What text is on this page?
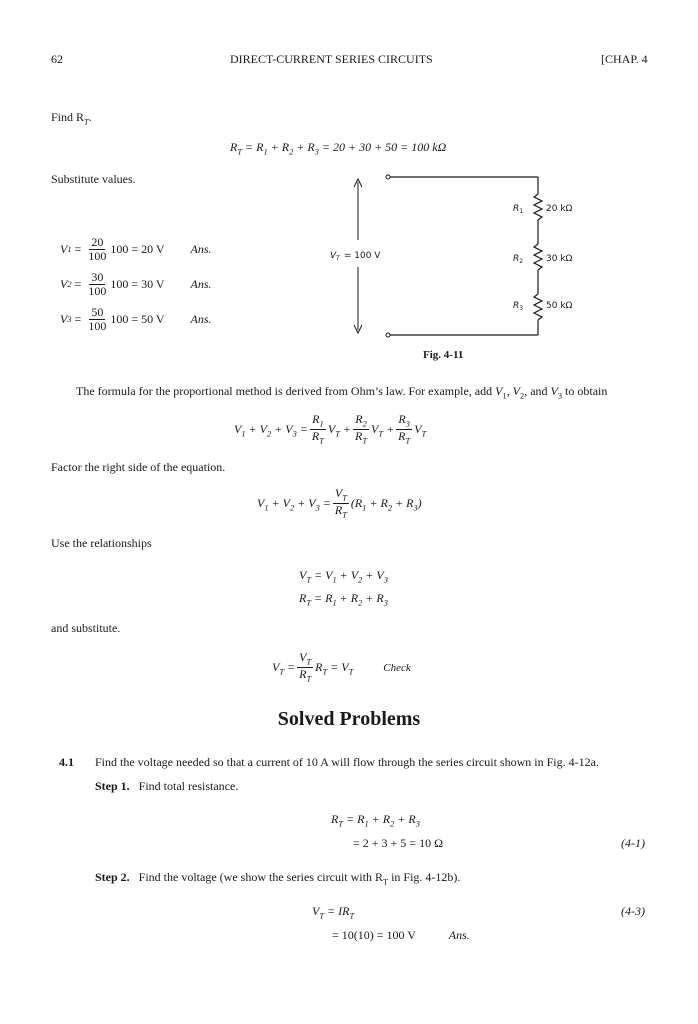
62	DIRECT-CURRENT SERIES CIRCUITS	[CHAP. 4
Find $R_T$.
$R_T = R_1 + R_2 + R_3 = 20 + 30 + 50 = 100$ kΩ
Substitute values.
V $1 = \frac{20}{100} 100 = 20$ V Ans.
V $2 = \frac{30}{100} 100 = 30$ V Ans.
V $3 = \frac{50}{100} 100 = 50$ V Ans.
$V_T = 100$ V
$R_1$	20 kΩ
$R_2$	30 kΩ
$R_3$	50 kΩ
Fig. 4-11
The formula for the proportional method is derived from Ohm’s law. For example, add $V_1$, $V_2$, and $V_3$ to obtain
$V_1 + V_2 + V_3 = \frac{R_1}{R_T} V_T + \frac{R_2}{R_T} V_T + \frac{R_3}{R_T} V_T$
Factor the right side of the equation.
$V_1 + V_2 + V_3 = \frac{V_T}{R_T} (R_1 + R_2 + R_3)$
Use the relationships
$V_T = V_1 + V_2 + V_3$
$R_T = R_1 + R_2 + R_3$
and substitute.
$V_T = \frac{V_T}{R_T} R_T = V_T$	Check
Solved Problems
4.1 Find the voltage needed so that a current of 10 A will flow through the series circuit shown in Fig. 4-12a.
Step 1. Find total resistance.
$R_T = R_1 + R_2 + R_3$
= 2 + 3 + 5 = 10 Ω	(4-1)
Step 2. Find the voltage (we show the series circuit with $R_T$ in Fig. 4-12b).
$V_T = IR_T$	(4-3)
= 10(10) = 100 V	Ans.
